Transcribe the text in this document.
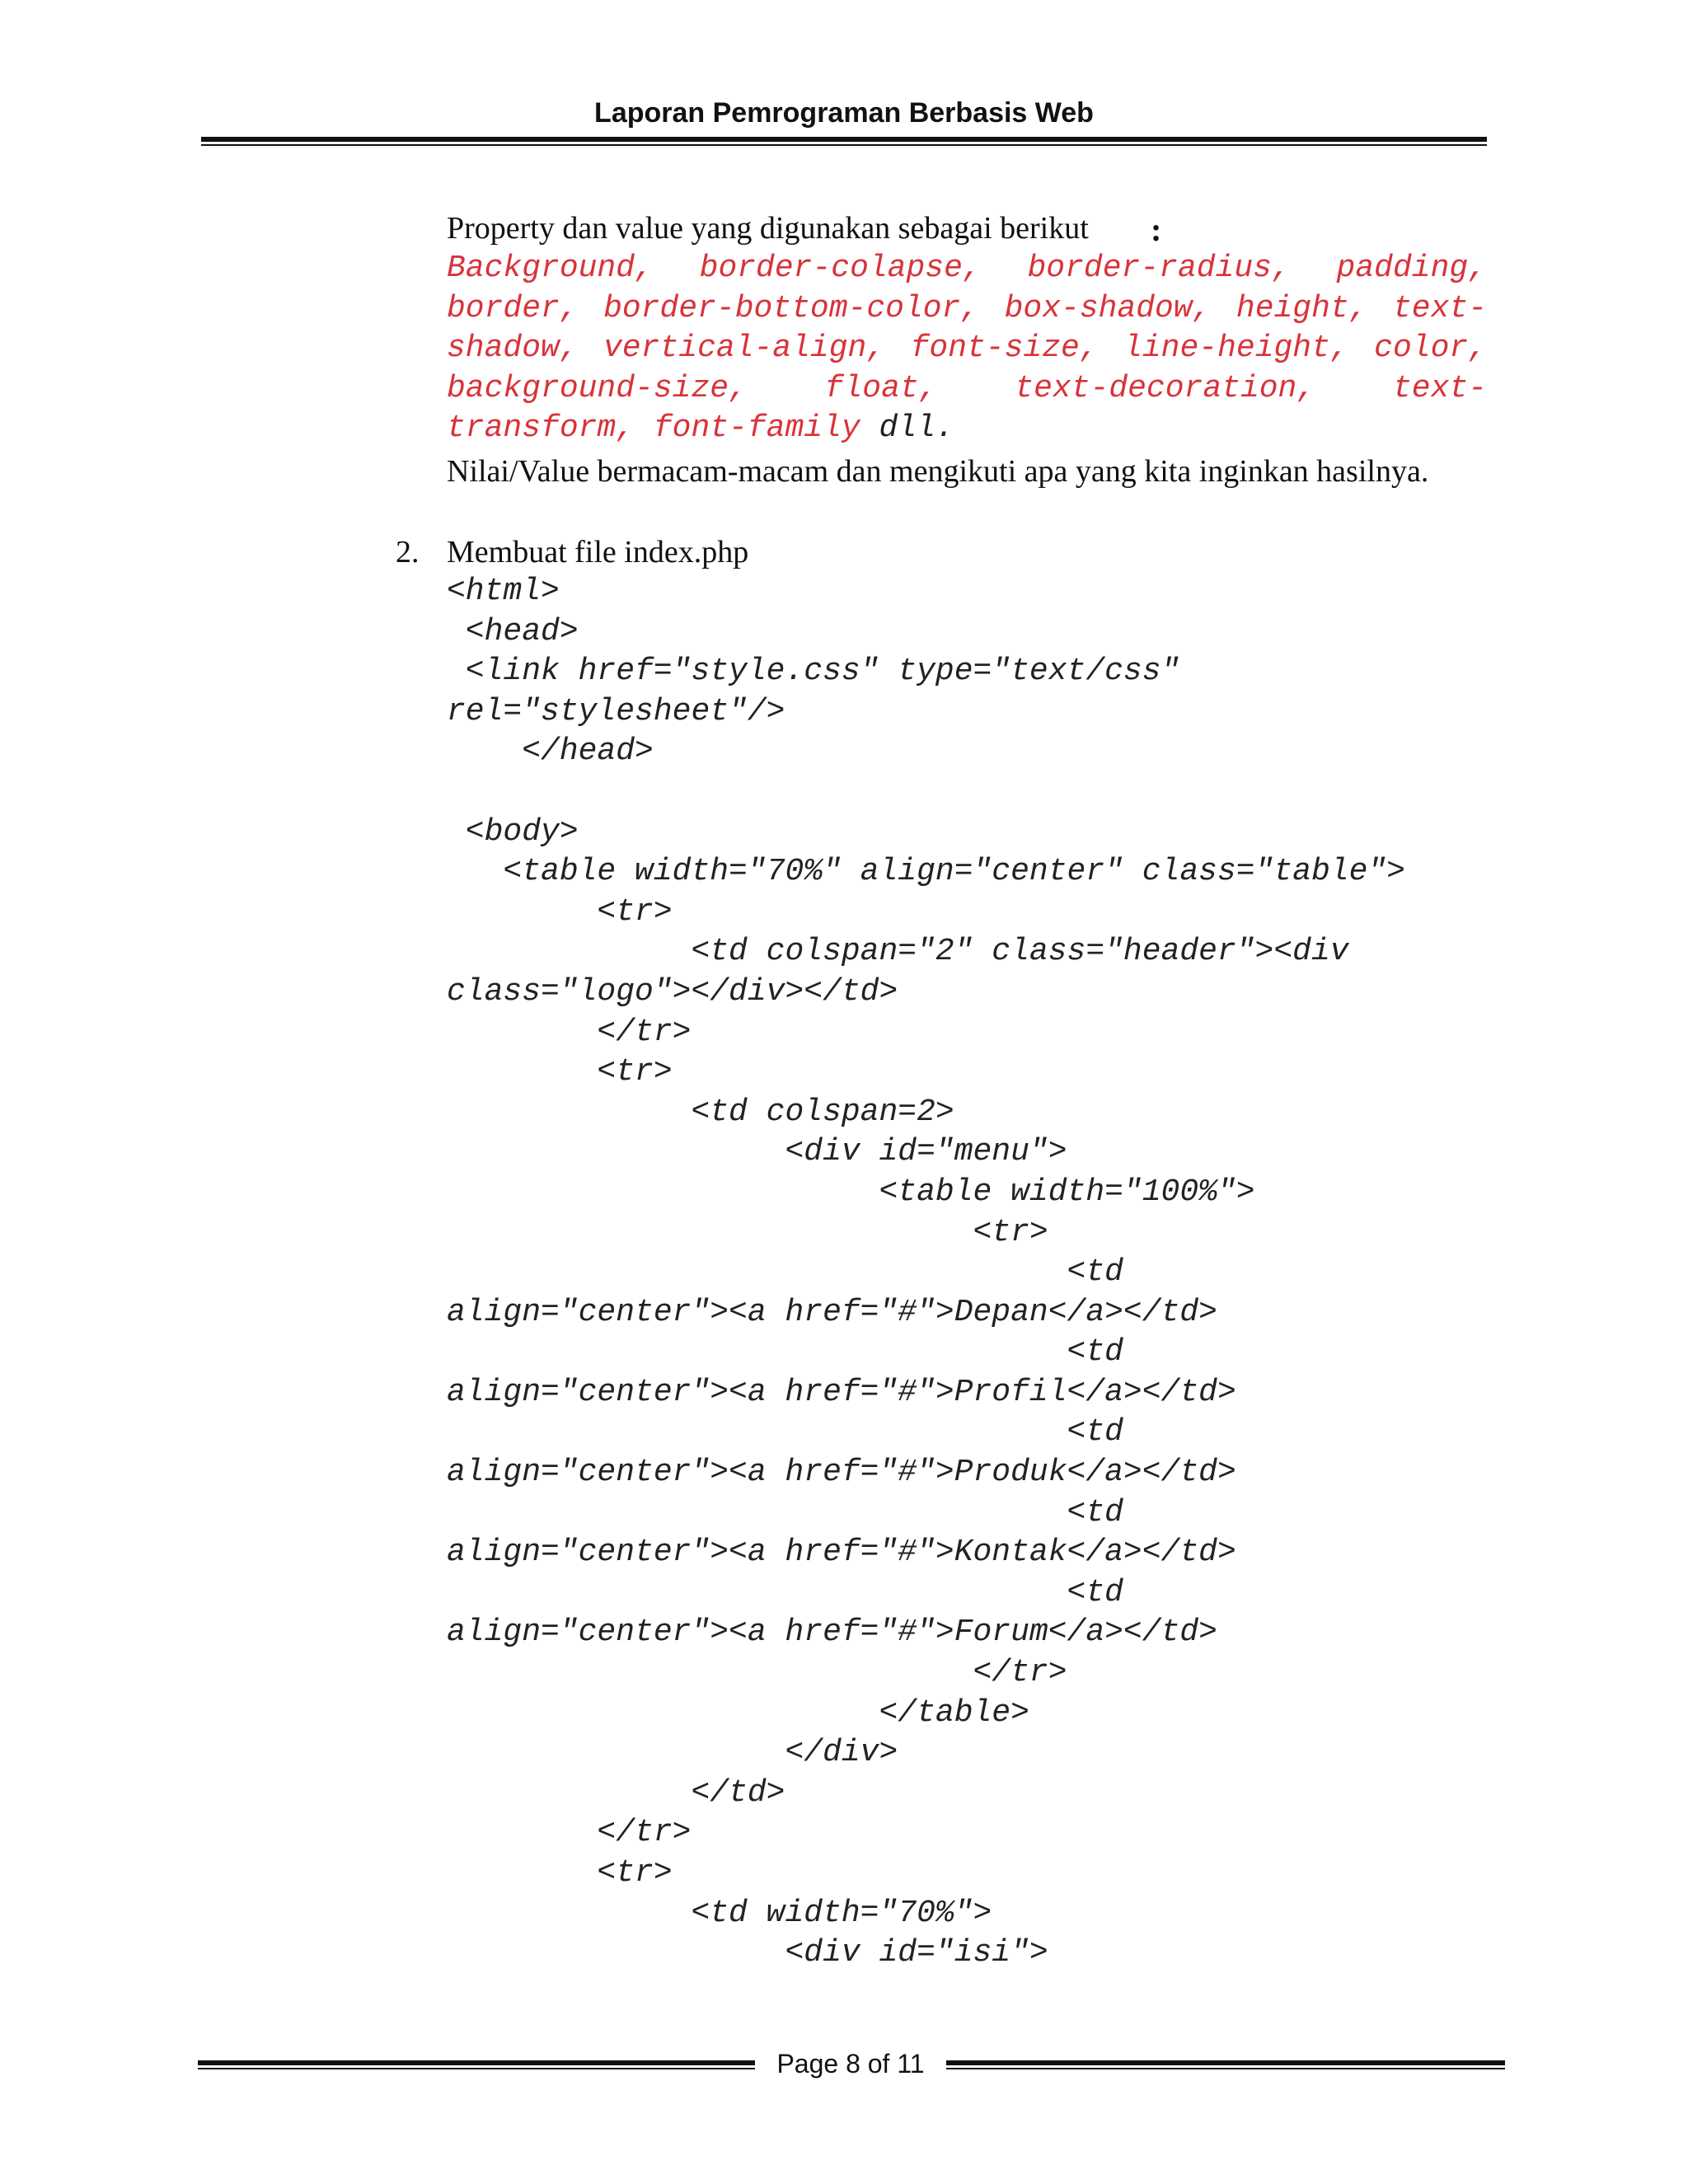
Laporan Pemrograman Berbasis Web
Property dan value yang digunakan sebagai berikut	:
Background, border-colapse, border-radius, padding, border, border-bottom-color, box-shadow, height, text-shadow, vertical-align, font-size, line-height, color, background-size, float, text-decoration, text-transform, font-family dll.
Nilai/Value bermacam-macam dan mengikuti apa yang kita inginkan hasilnya.
2. Membuat file index.php
<html>
<head>
<link href="style.css" type="text/css"
rel="stylesheet"/>
</head>

<body>
<table width="70%" align="center" class="table">
<tr>
<td colspan="2" class="header"><div
class="logo"></div></td>
</tr>
<tr>
<td colspan=2>
<div id="menu">
<table width="100%">
<tr>
<td
align="center"><a href="#">Depan</a></td>
<td
align="center"><a href="#">Profil</a></td>
<td
align="center"><a href="#">Produk</a></td>
<td
align="center"><a href="#">Kontak</a></td>
<td
align="center"><a href="#">Forum</a></td>
</tr>
</table>
</div>
</td>
</tr>
<tr>
<td width="70%">
<div id="isi">

Page 8 of 11
